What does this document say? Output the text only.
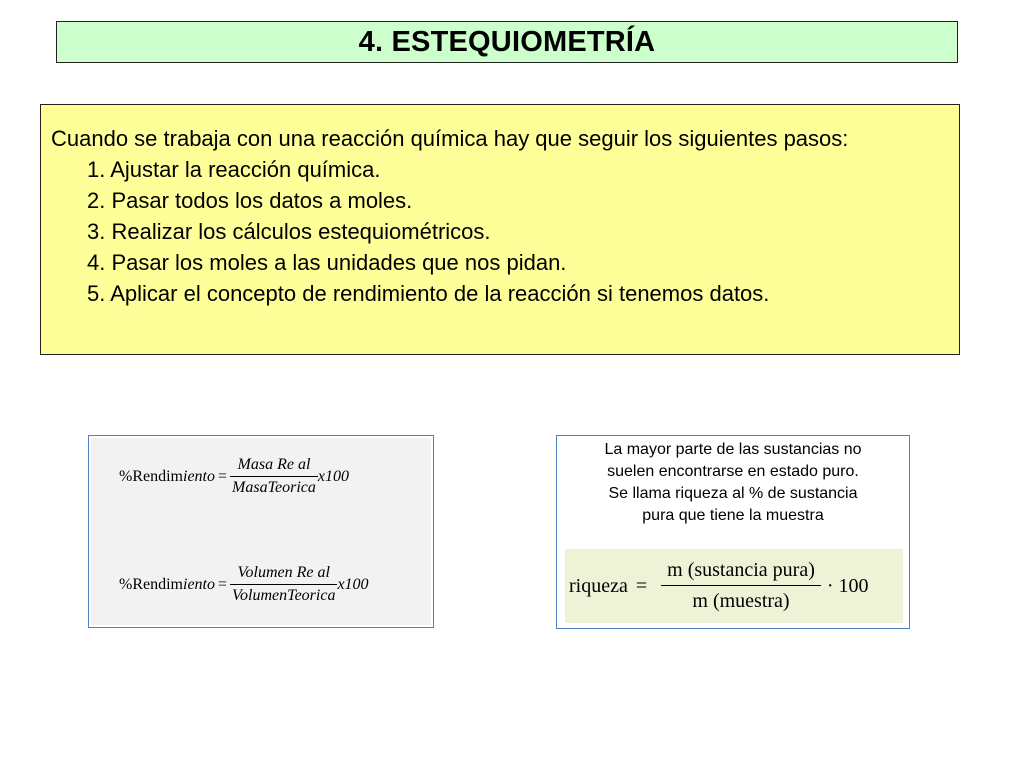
4. ESTEQUIOMETRÍA

Cuando se trabaja con una reacción química hay que seguir los siguientes pasos:

1. Ajustar la reacción química.
2. Pasar todos los datos a moles.
3. Realizar los cálculos estequiométricos.
4. Pasar los moles a las unidades que nos pidan.
5. Aplicar el concepto de rendimiento de la reacción si tenemos datos.
%Rendimiento = $\frac{\text{Masa Re al}}{\text{MasaTeorica}} x100$
%Rendimiento = $\frac{\text{Volumen Re al}}{\text{VolumenTeorica}} x100$
La mayor parte de las sustancias no
suelen encontrarse en estado puro.
Se llama riqueza al % de sustancia
pura que tiene la muestra
riqueza = $\frac{\text{m (sustancia pura)}}{\text{m (muestra)}} \cdot 100$
